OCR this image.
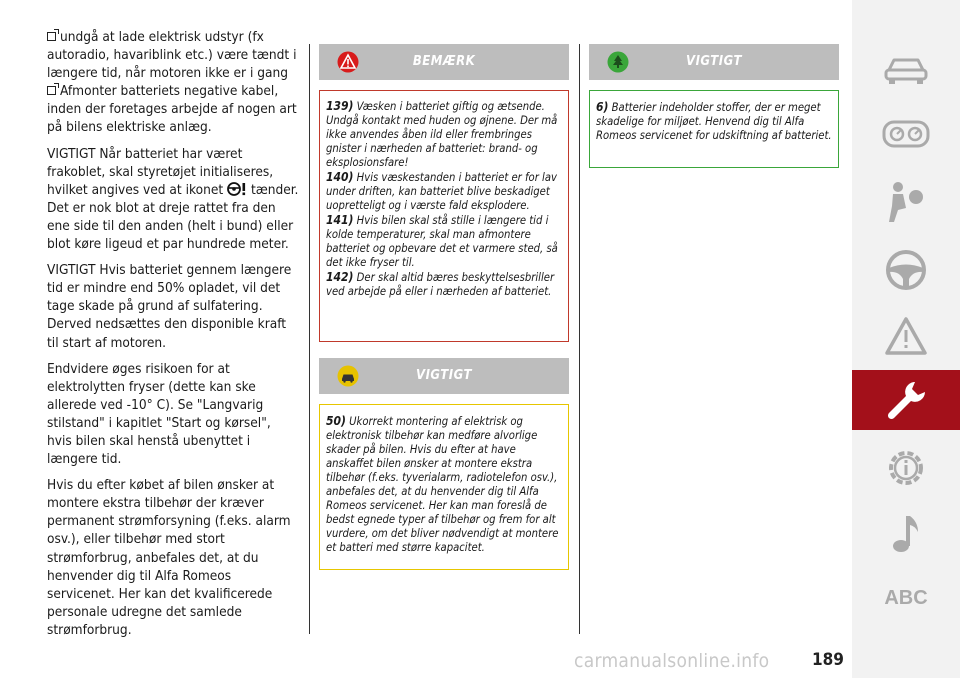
undgå at lade elektrisk udstyr (fx autoradio, havariblink etc.) være tændt i længere tid, når motoren ikke er i gang
Afmonter batteriets negative kabel, inden der foretages arbejde af nogen art på bilens elektriske anlæg.

VIGTIGT Når batteriet har været frakoblet, skal styretøjet initialiseres, hvilket angives ved at ikonet tænder. Det er nok blot at dreje rattet fra den ene side til den anden (helt i bund) eller blot køre ligeud et par hundrede meter.

VIGTIGT Hvis batteriet gennem længere tid er mindre end 50% opladet, vil det tage skade på grund af sulfatering. Derved nedsættes den disponible kraft til start af motoren.

Endvidere øges risikoen for at elektrolytten fryser (dette kan ske allerede ved -10° C). Se "Langvarig stilstand" i kapitlet "Start og kørsel", hvis bilen skal henstå ubenyttet i længere tid.

Hvis du efter købet af bilen ønsker at montere ekstra tilbehør der kræver permanent strømforsyning (f.eks. alarm osv.), eller tilbehør med stort strømforbrug, anbefales det, at du henvender dig til Alfa Romeos servicenet. Her kan det kvalificerede personale udregne det samlede strømforbrug.

BEMÆRK

139) Væsken i batteriet giftig og ætsende. Undgå kontakt med huden og øjnene. Der må ikke anvendes åben ild eller frembringes gnister i nærheden af batteriet: brand- og eksplosionsfare!

140) Hvis væskestanden i batteriet er for lav under driften, kan batteriet blive beskadiget uopretteligt og i værste fald eksplodere.

141) Hvis bilen skal stå stille i længere tid i kolde temperaturer, skal man afmontere batteriet og opbevare det et varmere sted, så det ikke fryser til.

142) Der skal altid bæres beskyttelsesbriller ved arbejde på eller i nærheden af batteriet.

VIGTIGT

50) Ukorrekt montering af elektrisk og elektronisk tilbehør kan medføre alvorlige skader på bilen. Hvis du efter at have anskaffet bilen ønsker at montere ekstra tilbehør (f.eks. tyverialarm, radiotelefon osv.), anbefales det, at du henvender dig til Alfa Romeos servicenet. Her kan man foreslå de bedst egnede typer af tilbehør og frem for alt vurdere, om det bliver nødvendigt at montere et batteri med større kapacitet.

VIGTIGT

6) Batterier indeholder stoffer, der er meget skadelige for miljøet. Henvend dig til Alfa Romeos servicenet for udskiftning af batteriet.

ABC
carmanualsonline.info	189
